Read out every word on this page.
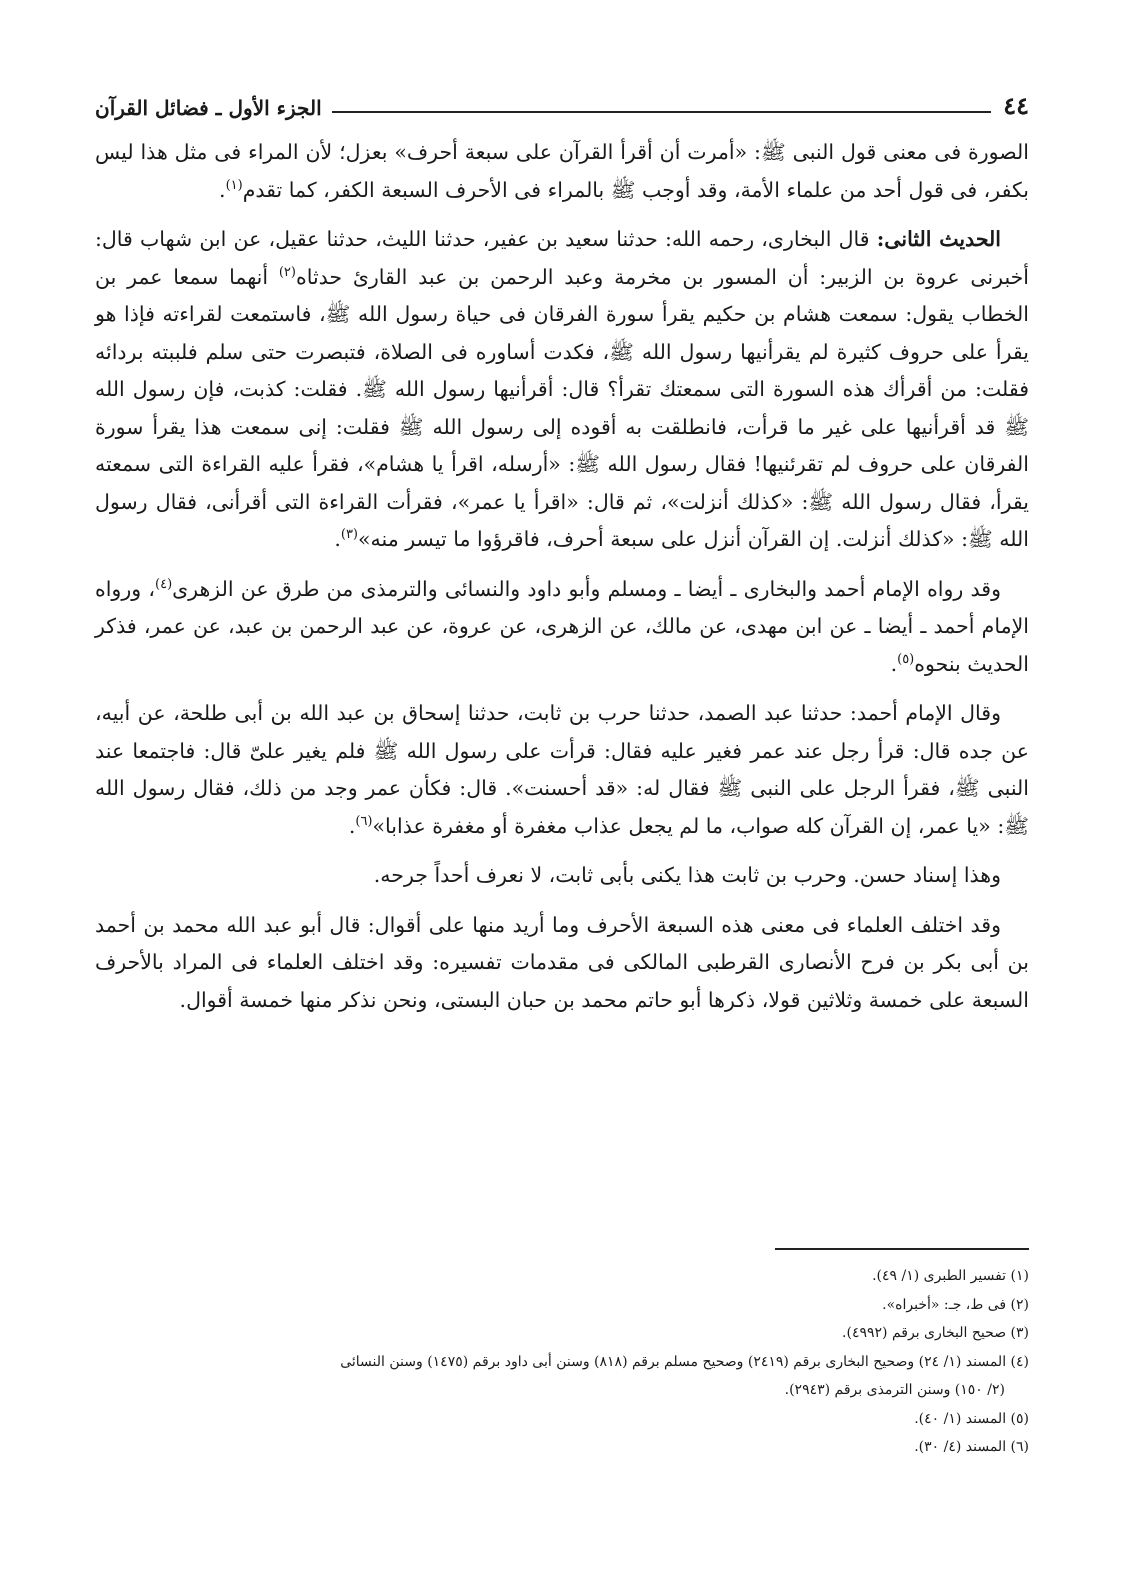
٤٤
الجزء الأول ـ فضائل القرآن

الصورة فى معنى قول النبى ﷺ: «أمرت أن أقرأ القرآن على سبعة أحرف» بعزل؛ لأن المراء فى مثل هذا ليس بكفر، فى قول أحد من علماء الأمة، وقد أوجب ﷺ بالمراء فى الأحرف السبعة الكفر، كما تقدم$^{(١)}$.

الحديث الثانى: قال البخارى، رحمه الله: حدثنا سعيد بن عفير، حدثنا الليث، حدثنا عقيل، عن ابن شهاب قال: أخبرنى عروة بن الزبير: أن المسور بن مخرمة وعبد الرحمن بن عبد القارئ حدثاه$^{(٢)}$ أنهما سمعا عمر بن الخطاب يقول: سمعت هشام بن حكيم يقرأ سورة الفرقان فى حياة رسول الله ﷺ، فاستمعت لقراءته فإذا هو يقرأ على حروف كثيرة لم يقرأنيها رسول الله ﷺ، فكدت أساوره فى الصلاة، فتبصرت حتى سلم فلببته بردائه فقلت: من أقرأك هذه السورة التى سمعتك تقرأ؟ قال: أقرأنيها رسول الله ﷺ. فقلت: كذبت، فإن رسول الله ﷺ قد أقرأنيها على غير ما قرأت، فانطلقت به أقوده إلى رسول الله ﷺ فقلت: إنى سمعت هذا يقرأ سورة الفرقان على حروف لم تقرئنيها! فقال رسول الله ﷺ: «أرسله، اقرأ يا هشام»، فقرأ عليه القراءة التى سمعته يقرأ، فقال رسول الله ﷺ: «كذلك أنزلت»، ثم قال: «اقرأ يا عمر»، فقرأت القراءة التى أقرأنى، فقال رسول الله ﷺ: «كذلك أنزلت. إن القرآن أنزل على سبعة أحرف، فاقرؤوا ما تيسر منه»$^{(٣)}$.

وقد رواه الإمام أحمد والبخارى ـ أيضا ـ ومسلم وأبو داود والنسائى والترمذى من طرق عن الزهرى$^{(٤)}$، ورواه الإمام أحمد ـ أيضا ـ عن ابن مهدى، عن مالك، عن الزهرى، عن عروة، عن عبد الرحمن بن عبد، عن عمر، فذكر الحديث بنحوه$^{(٥)}$.

وقال الإمام أحمد: حدثنا عبد الصمد، حدثنا حرب بن ثابت، حدثنا إسحاق بن عبد الله بن أبى طلحة، عن أبيه، عن جده قال: قرأ رجل عند عمر فغير عليه فقال: قرأت على رسول الله ﷺ فلم يغير علىّ قال: فاجتمعا عند النبى ﷺ، فقرأ الرجل على النبى ﷺ فقال له: «قد أحسنت». قال: فكأن عمر وجد من ذلك، فقال رسول الله ﷺ: «يا عمر، إن القرآن كله صواب، ما لم يجعل عذاب مغفرة أو مغفرة عذابا»$^{(٦)}$.

وهذا إسناد حسن. وحرب بن ثابت هذا يكنى بأبى ثابت، لا نعرف أحداً جرحه.

وقد اختلف العلماء فى معنى هذه السبعة الأحرف وما أريد منها على أقوال: قال أبو عبد الله محمد بن أحمد بن أبى بكر بن فرح الأنصارى القرطبى المالكى فى مقدمات تفسيره: وقد اختلف العلماء فى المراد بالأحرف السبعة على خمسة وثلاثين قولا، ذكرها أبو حاتم محمد بن حبان البستى، ونحن نذكر منها خمسة أقوال.

(١) تفسير الطبرى (١/ ٤٩).
(٢) فى ط، جـ: «أخبراه».
(٣) صحيح البخارى برقم (٤٩٩٢).
(٤) المسند (١/ ٢٤) وصحيح البخارى برقم (٢٤١٩) وصحيح مسلم برقم (٨١٨) وسنن أبى داود برقم (١٤٧٥) وسنن النسائى
(٢/ ١٥٠) وسنن الترمذى برقم (٢٩٤٣).
(٥) المسند (١/ ٤٠).
(٦) المسند (٤/ ٣٠).
